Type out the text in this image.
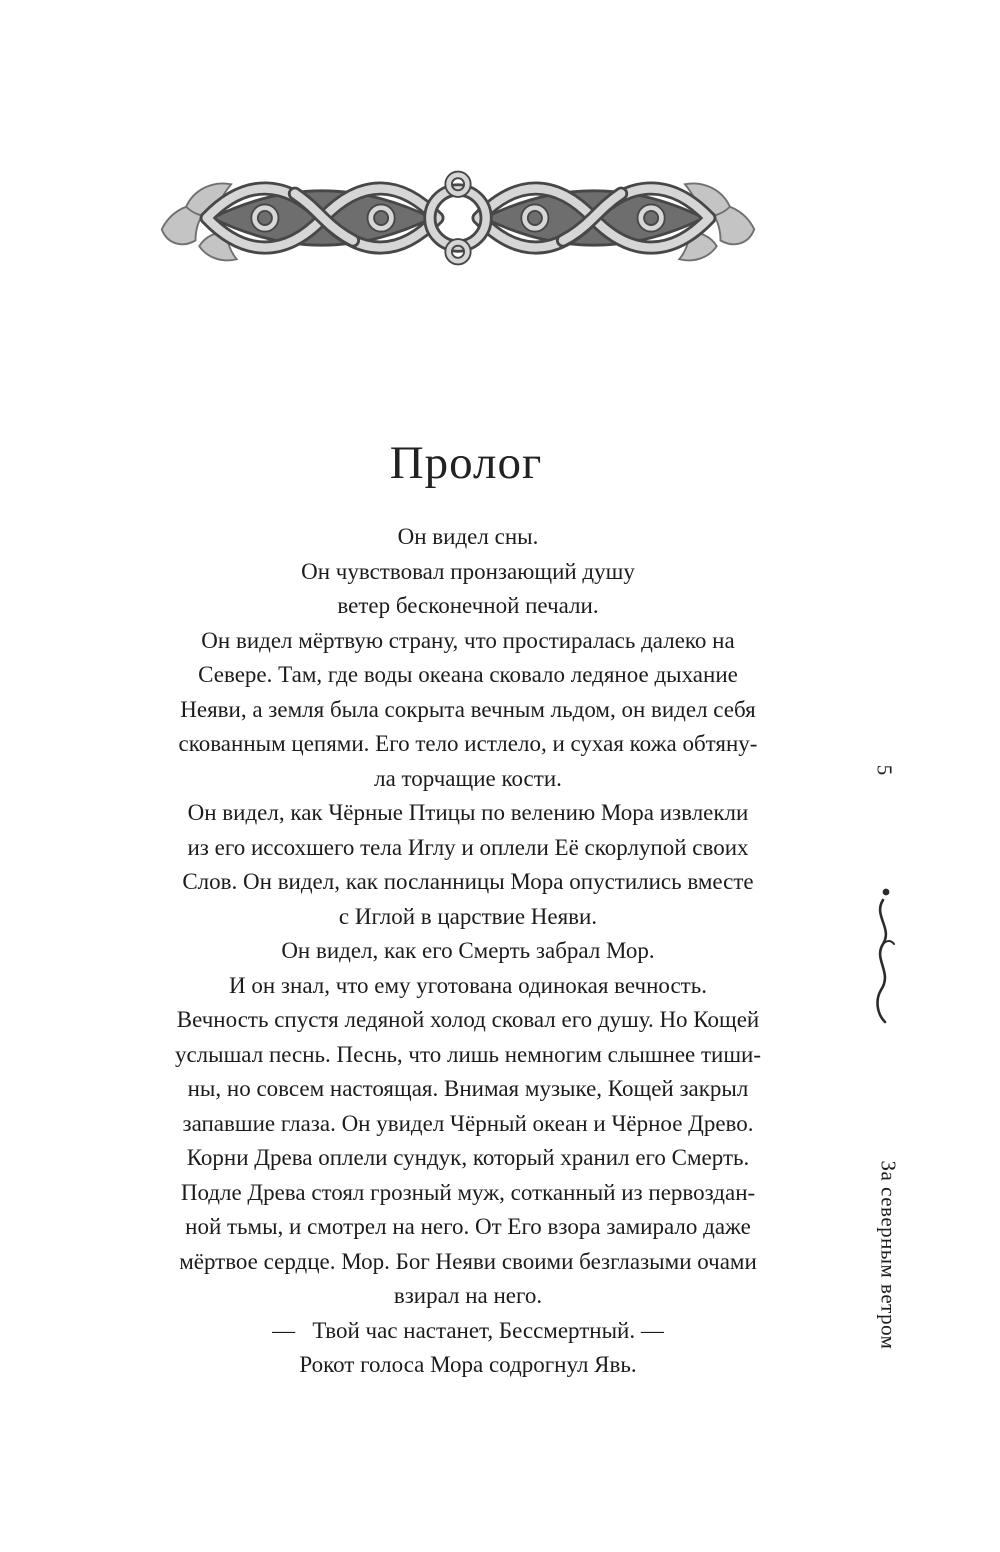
Пролог
Он видел сны.
Он чувствовал пронзающий душу
ветер бесконечной печали.
Он видел мёртвую страну, что простиралась далеко на
Севере. Там, где воды океана сковало ледяное дыхание
Неяви, а земля была сокрыта вечным льдом, он видел себя
скованным цепями. Его тело истлело, и сухая кожа обтяну-
ла торчащие кости.
Он видел, как Чёрные Птицы по велению Мора извлекли
из его иссохшего тела Иглу и оплели Её скорлупой своих
Слов. Он видел, как посланницы Мора опустились вместе
с Иглой в царствие Неяви.
Он видел, как его Смерть забрал Мор.
И он знал, что ему уготована одинокая вечность.
Вечность спустя ледяной холод сковал его душу. Но Кощей
услышал песнь. Песнь, что лишь немногим слышнее тиши-
ны, но совсем настоящая. Внимая музыке, Кощей закрыл
запавшие глаза. Он увидел Чёрный океан и Чёрное Древо.
Корни Древа оплели сундук, который хранил его Смерть.
Подле Древа стоял грозный муж, сотканный из первоздан-
ной тьмы, и смотрел на него. От Его взора замирало даже
мёртвое сердце. Мор. Бог Неяви своими безглазыми очами
взирал на него.
—   Твой час настанет, Бессмертный. —
Рокот голоса Мора содрогнул Явь.
5
За северным ветром
